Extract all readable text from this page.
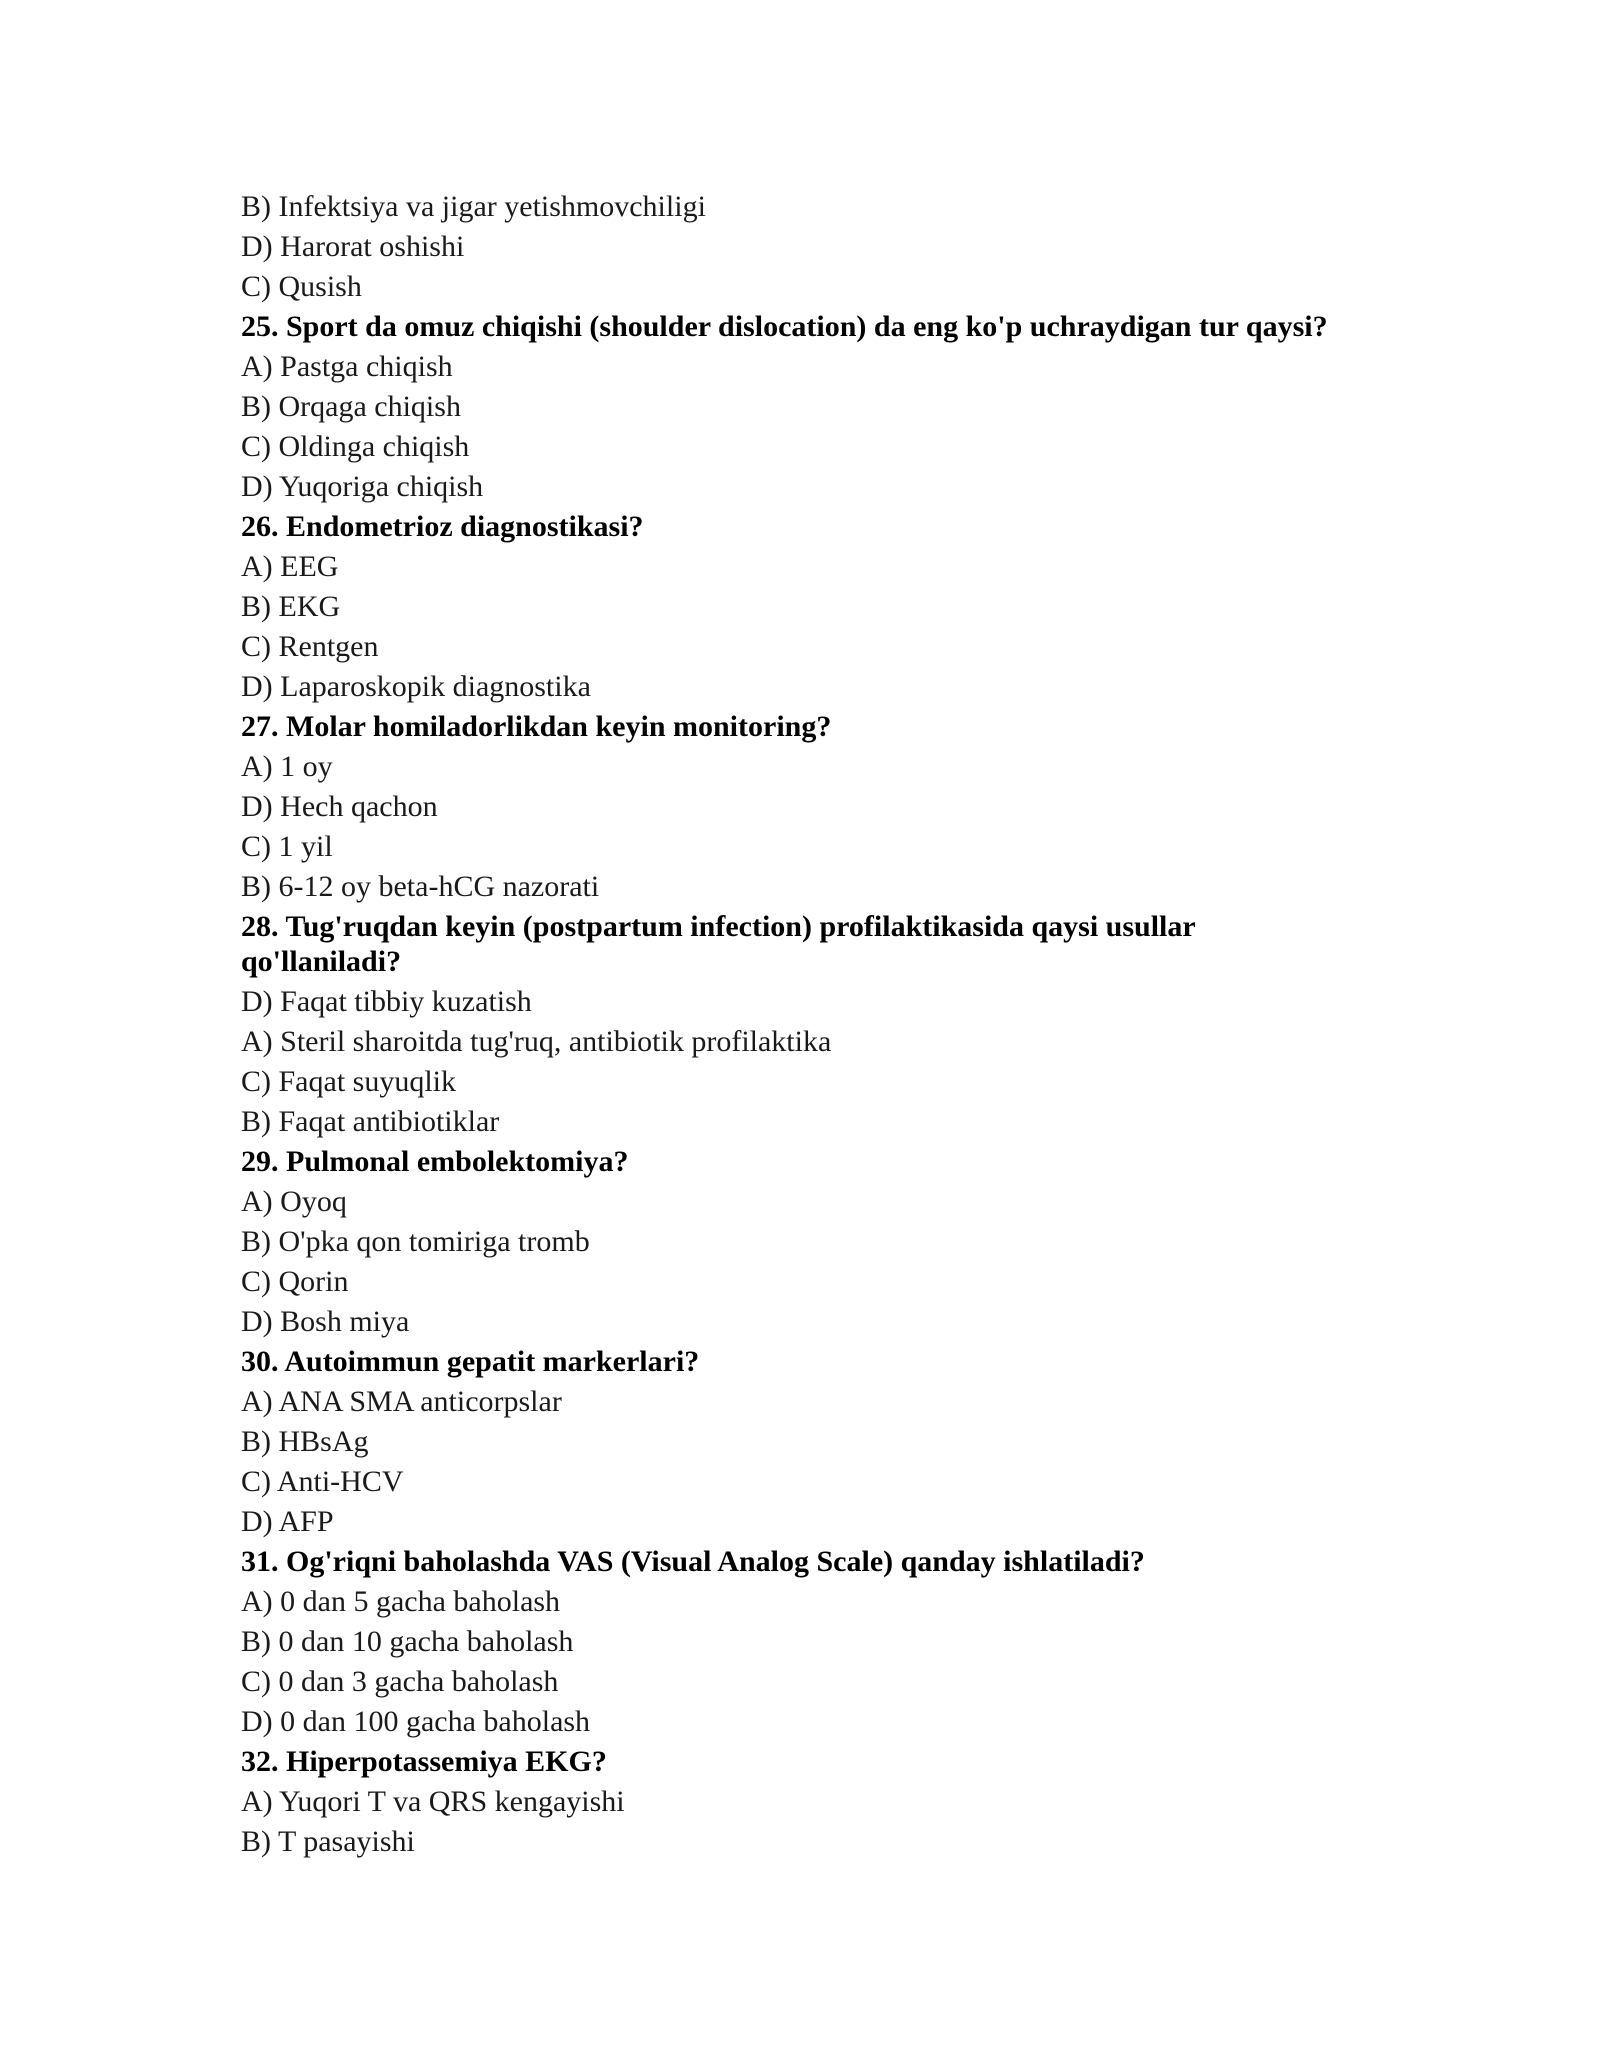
B) Infektsiya va jigar yetishmovchiligi
D) Harorat oshishi
C) Qusish
25. Sport da omuz chiqishi (shoulder dislocation) da eng ko'p uchraydigan tur qaysi?
A) Pastga chiqish
B) Orqaga chiqish
C) Oldinga chiqish
D) Yuqoriga chiqish
26. Endometrioz diagnostikasi?
A) EEG
B) EKG
C) Rentgen
D) Laparoskopik diagnostika
27. Molar homiladorlikdan keyin monitoring?
A) 1 oy
D) Hech qachon
C) 1 yil
B) 6-12 oy beta-hCG nazorati
28. Tug'ruqdan keyin (postpartum infection) profilaktikasida qaysi usullar qo'llaniladi?
D) Faqat tibbiy kuzatish
A) Steril sharoitda tug'ruq, antibiotik profilaktika
C) Faqat suyuqlik
B) Faqat antibiotiklar
29. Pulmonal embolektomiya?
A) Oyoq
B) O'pka qon tomiriga tromb
C) Qorin
D) Bosh miya
30. Autoimmun gepatit markerlari?
A) ANA SMA anticorpslar
B) HBsAg
C) Anti-HCV
D) AFP
31. Og'riqni baholashda VAS (Visual Analog Scale) qanday ishlatiladi?
A) 0 dan 5 gacha baholash
B) 0 dan 10 gacha baholash
C) 0 dan 3 gacha baholash
D) 0 dan 100 gacha baholash
32. Hiperpotassemiya EKG?
A) Yuqori T va QRS kengayishi
B) T pasayishi
